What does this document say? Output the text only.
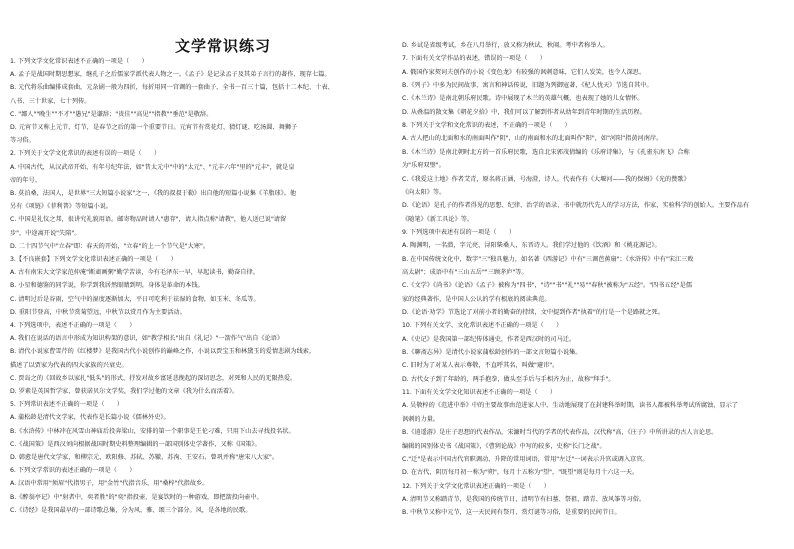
文学常识练习
1. 下列文学文化常识表述不正确的一项是（　　）
A. 孟子是战国时期思想家，继孔子之后儒家学派代表人物之一。《孟子》是记录孟子及其弟子言行的著作，现存七篇。
B. 元代将乐曲编排成套曲，元杂剧一般为四折，每折用同一宫调的一套曲子，全书一百三十篇，包括十二本纪、十表、
八书、三十世家、七十列传。
C. "鄙人""晚生""不才""愚兄"是谦辞；"贵佳""高见""指教""垂范"是敬辞。
D. 元宵节又称上元节、灯节，是春节之后的第一个重要节日。元宵节有赏花灯、猜灯谜、吃汤圆、舞狮子
等习俗。
2. 下列关于文学文化常识的表述有误的一项是（　　）
A. 中国古代，从汉武帝开始，有年号纪年法，如"昔太元中"中的"太元"、"元丰六年"里的"元丰"，就是皇
帝的年号。
B. 莫泊桑，法国人，是世界"三大短篇小说家"之一，《我的叔叔于勒》出自他的短篇小说集《羊脂球》。他
另有《项链》《菲利普》等短篇小说。
C. 中国是礼仪之邦，很讲究礼貌用语。邮寄物品时请人"惠存"，请人指点称"请教"，他人送已说"请留
步"，中途离开说"失陪"。
D. 二十四节气中"立春"即：春天的开始，"立春"的上一个节气是"大寒"。
3.【不良嵌套】下列文学文化常识表述正确的一项是（　　）
A. 古有南宋大文学家范仲淹"断齑画粥"勤学苦读，今有毛泽东一早，早起读书，勤奋自律。
B. 小星和德鉴的同学说，你学到我居然眼睛到明，身体是革命的本钱。
C. 清明过后是谷雨，空气中的湿度逐渐加大，平日可吃利于祛湿的食物，如玉米、冬瓜等。
D. 重阳节登高，中秋节赏菊望远，中秋节以赏月作为主要活动。
4. 下列选项中，表述不正确的一项是（　　）
A. 我们在说话的语言中形成为知识构架的意识，如"教学相长"出自《礼记》"一箭作气"出自《论语》
B. 清代小说家曹雪芹的《红楼梦》是我国古代小说创作的巅峰之作，小说以贾宝玉和林黛玉的爱情悲剧为线索，
描述了以贾家为代表的四大家族的兴衰史。
C. 贾岛之的《回故乡以家扎"低头"的形式，抒发对故乡富延悲挽起的深切思念，对死和人民的无限热爱。
D. 罗素是英国哲学家，曾获诺贝尔文学奖，我们学过他的文章《我为什么而活着》。
5. 下列常识表述不正确的一项是（　　）
A. 蒲松龄是清代文学家，代表作是长篇小说《儒林外史》。
B.《水浒传》中林冲在风雪山神庙后投奔梁山，安排的第一个职事是王伦刁难，只用下山去寻找投名状。
C.《战国策》是西汉刘向根据战国时期史料整理编辑的一部国别体史学著作，又称《国策》。
D. 韩愈是唐代文学家，和柳宗元、欧阳修、苏轼、苏辙、苏洵、王安石、曾巩并称"唐宋八大家"。
6. 下列文学常识的表述正确的一项是（　　）
A. 汉语中常用"须眉"代指男子，用"金竹"代指音乐，用"桑梓"代指故乡。
B.《醉翁亭记》中"射者中，奕者胜"的"奕"指投壶，是宴饮时的一种游戏，即把箭投向壶中。
C.《诗经》是我国最早的一部诗歌总集，分为风、雅、颂三个部分。风，是各地的民歌。
D. 乡试是省级考试，乡在八月举行，放又称为秋试、秋闱。考中者称举人。
7. 下面有关文学作品的表述，错误的一项是（　　）
A. 俄国作家契诃夫创作的小说《变色龙》有较强的讽刺意味，它们人发笑，也令人深思。
B.《列子》中多为民间故事、寓言和神话传说，旧题为列御寇著，《杞人忧天》节选自其中。
C.《木兰诗》是南北朝乐府民歌。诗中展现了木兰的英雄气概，也表现了她的儿女情怀。
D. 从叠温的散文集《朝花夕拾》中，我们可以了解到作者从幼年到青年时期的生活历程。
8. 下列关于文学和文化常识的表述，不正确的一项是（　　）
A. 古人把山的北面和水的南面叫作"阴"，山的南面和水的北面叫作"阳"，如"河阳"指黄河南岸。
B.《木兰诗》是南北朝时北方的一首乐府民歌，选自北宋郭茂倩编的《乐府诗集》，与《孔雀东南飞》合称
为"乐府双璧"。
C.《我爱这土地》作者艾青，原名蒋正涵，号海澄，诗人。代表作有《大堰河——我的保姆》《光的赞歌》
《向太阳》等。
D.《论语》是孔子的作者得见的思想、纪律、治学的语录，书中就历代先人的学习方法，作家，实验科学的创始人。主要作品有
《随笔》《新工具论》等。
9. 下列选项中表述有误的一项是（　　）
A. 陶渊明，一名潜，字元亮，浔阳柴桑人，东晋诗人。我们学过他的《饮酒》和《桃花源记》。
B. 在中国传统文化中，数字"三"独具魅力，如名著《西游记》中有"三调芭蕉扇"；《水浒传》中有"宋江三败
高太尉"；成语中有"三山五岳""三顾茅庐"等。
C.《文学》《尚书》《论语》《孟子》被称为"四书"，"诗""书""礼""易""春秋"被称为"五经"。"四书五经"是儒
家的经典著作，是中国人公认的学有根底的阅读典范。
D.《论语·劝学》节选论了对前小者的勤奋的持续，文中提到作者"执着"的行是一个是路就之死。
10. 下列有关文学、文化常识表述不正确的一项是（　　）
A.《史记》是我国第一部纪传体通史，作者是西汉时的司马迁。
B.《聊斋志异》是清代小说家蒲松龄创作的一部文言短篇小说集。
C. 旧时为了对某人表示尊敬，不直呼其名，叫做"避讳"。
D. 古代女子到了年龄的，两手抱拳，做头至手后与手相齐为止，故称"拜手"。
11. 下面有关文学文化知识表述不正确的一项是（　　）
A. 吴敬梓的《范进中举》中的主要故事由范进家人中，生动地展现了在封建科举时期，读书人都被科举考试所腐蚀，显示了
讽刺的力量。
B.《逍遥游》是庄子思想的代表作品，宋濂时当代的学者的代表作品，汉代称"高，《庄子》中所讲录的古人言论思。
编辑的国别体史书《战国策》，《曹刿论战》中写的较多，史称"长门之战"。
C."迁"是表示中国古代官职调动、升降的常用词语，常用"左迁"一词表示升官或调入京官。
D. 在古代，阴历每月初一称为"朔"，每月十五称为"望"，"既望"则是每月十六这一天。
12. 下列关于文学文化常识表述正确的一项是（　　）
A. 清明节又称踏青节，是我国的传统节日，清明节有扫墓、祭祖、踏青、放风筝等习俗。
B. 中秋节又称中元节，这一天民间有祭月、赏灯谜等习俗，是重要的民间节日。
